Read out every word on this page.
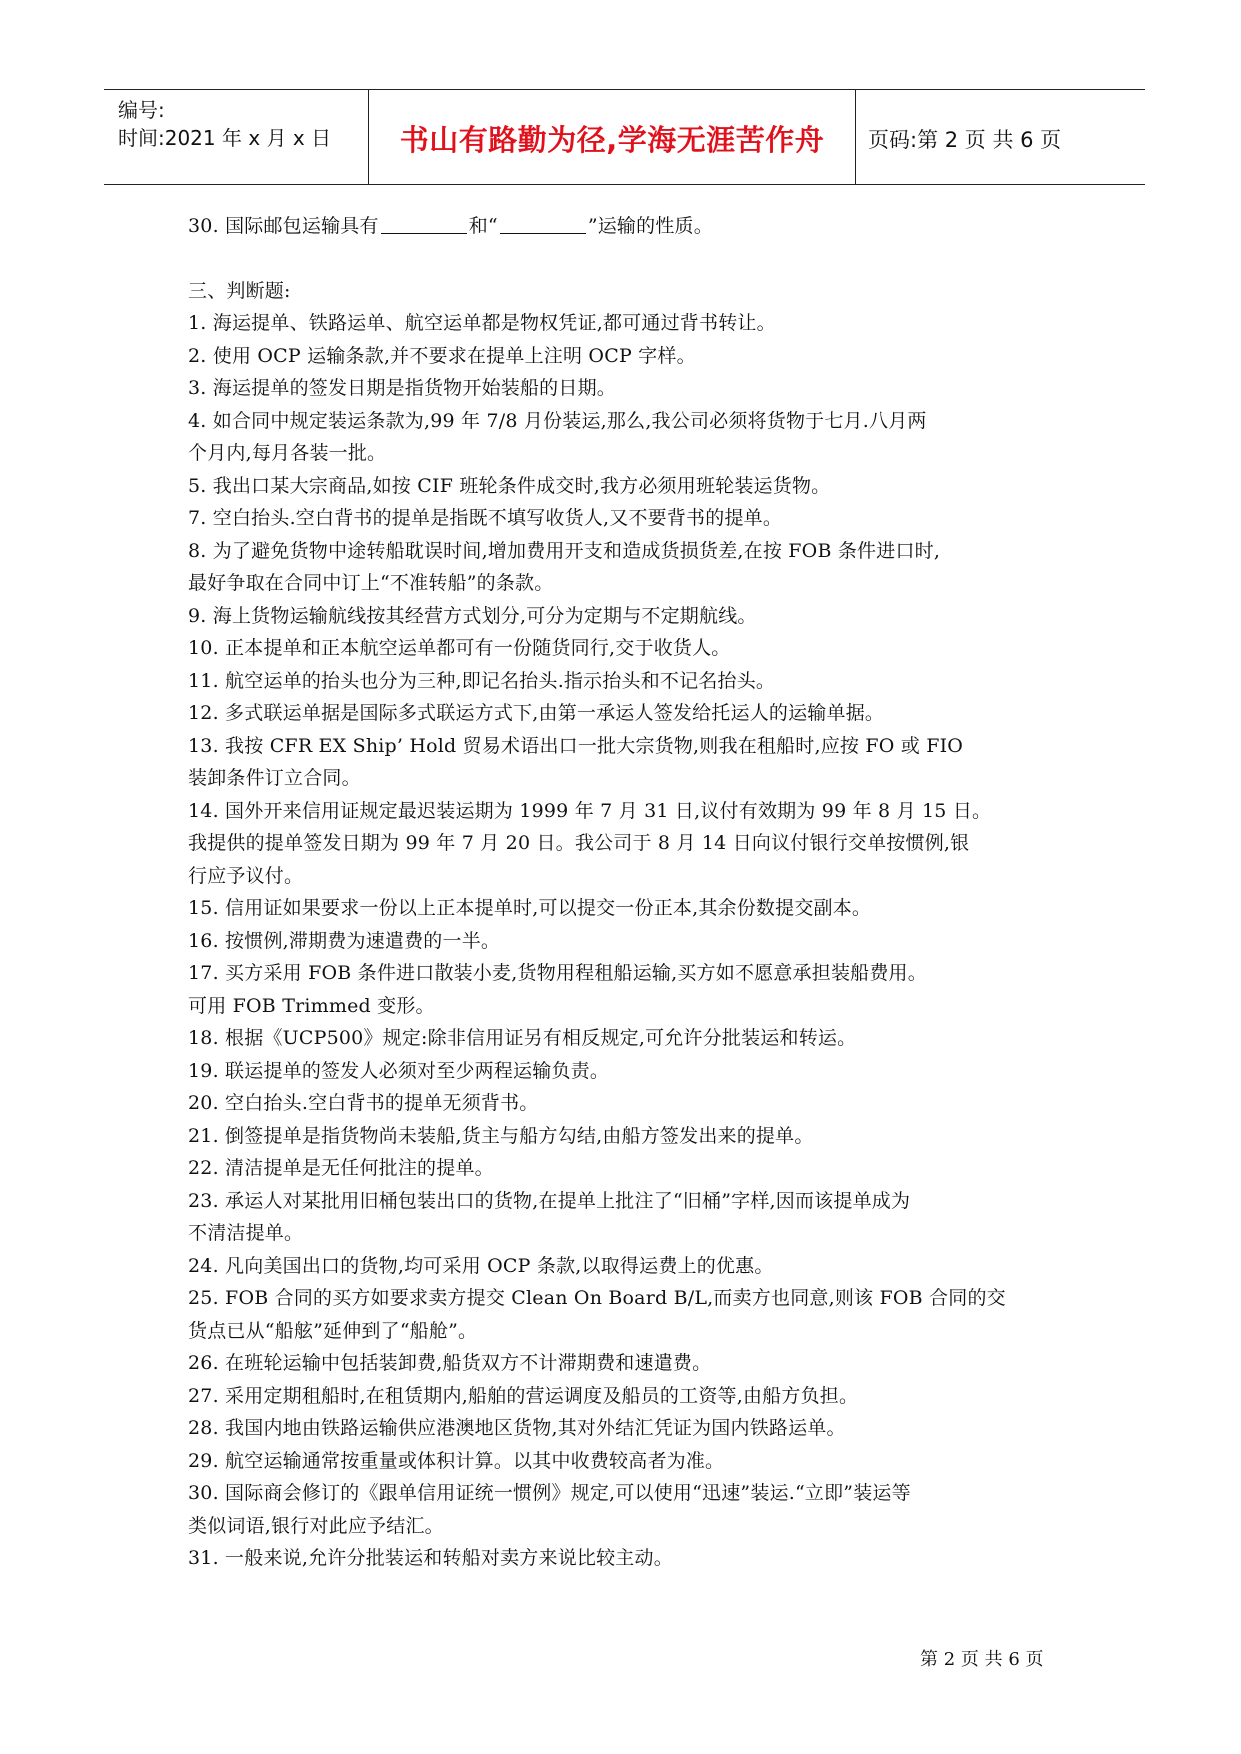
编号:
时间:2021 年 x 月 x 日	书山有路勤为径,学海无涯苦作舟	页码:第 2 页 共 6 页

30. 国际邮包运输具有	和“	”运输的性质。

三、判断题:

1. 海运提单、铁路运单、航空运单都是物权凭证,都可通过背书转让。

2. 使用 OCP 运输条款,并不要求在提单上注明 OCP 字样。

3. 海运提单的签发日期是指货物开始装船的日期。

4. 如合同中规定装运条款为,99 年 7/8 月份装运,那么,我公司必须将货物于七月.八月两

个月内,每月各装一批。

5. 我出口某大宗商品,如按 CIF 班轮条件成交时,我方必须用班轮装运货物。

7. 空白抬头.空白背书的提单是指既不填写收货人,又不要背书的提单。

8. 为了避免货物中途转船耽误时间,增加费用开支和造成货损货差,在按 FOB 条件进口时,

最好争取在合同中订上“不准转船”的条款。

9. 海上货物运输航线按其经营方式划分,可分为定期与不定期航线。

10. 正本提单和正本航空运单都可有一份随货同行,交于收货人。

11. 航空运单的抬头也分为三种,即记名抬头.指示抬头和不记名抬头。

12. 多式联运单据是国际多式联运方式下,由第一承运人签发给托运人的运输单据。

13. 我按 CFR EX Ship’ Hold 贸易术语出口一批大宗货物,则我在租船时,应按 FO 或 FIO

装卸条件订立合同。

14. 国外开来信用证规定最迟装运期为 1999 年 7 月 31 日,议付有效期为 99 年 8 月 15 日。

我提供的提单签发日期为 99 年 7 月 20 日。我公司于 8 月 14 日向议付银行交单按惯例,银

行应予议付。

15. 信用证如果要求一份以上正本提单时,可以提交一份正本,其余份数提交副本。

16. 按惯例,滞期费为速遣费的一半。

17. 买方采用 FOB 条件进口散装小麦,货物用程租船运输,买方如不愿意承担装船费用。

可用 FOB Trimmed 变形。

18. 根据《UCP500》规定:除非信用证另有相反规定,可允许分批装运和转运。

19. 联运提单的签发人必须对至少两程运输负责。

20. 空白抬头.空白背书的提单无须背书。

21. 倒签提单是指货物尚未装船,货主与船方勾结,由船方签发出来的提单。

22. 清洁提单是无任何批注的提单。

23. 承运人对某批用旧桶包装出口的货物,在提单上批注了“旧桶”字样,因而该提单成为

不清洁提单。

24. 凡向美国出口的货物,均可采用 OCP 条款,以取得运费上的优惠。

25. FOB 合同的买方如要求卖方提交 Clean On Board B/L,而卖方也同意,则该 FOB 合同的交

货点已从“船舷”延伸到了“船舱”。

26. 在班轮运输中包括装卸费,船货双方不计滞期费和速遣费。

27. 采用定期租船时,在租赁期内,船舶的营运调度及船员的工资等,由船方负担。

28. 我国内地由铁路运输供应港澳地区货物,其对外结汇凭证为国内铁路运单。

29. 航空运输通常按重量或体积计算。以其中收费较高者为准。

30. 国际商会修订的《跟单信用证统一惯例》规定,可以使用“迅速”装运.“立即”装运等

类似词语,银行对此应予结汇。

31. 一般来说,允许分批装运和转船对卖方来说比较主动。

第 2 页 共 6 页
